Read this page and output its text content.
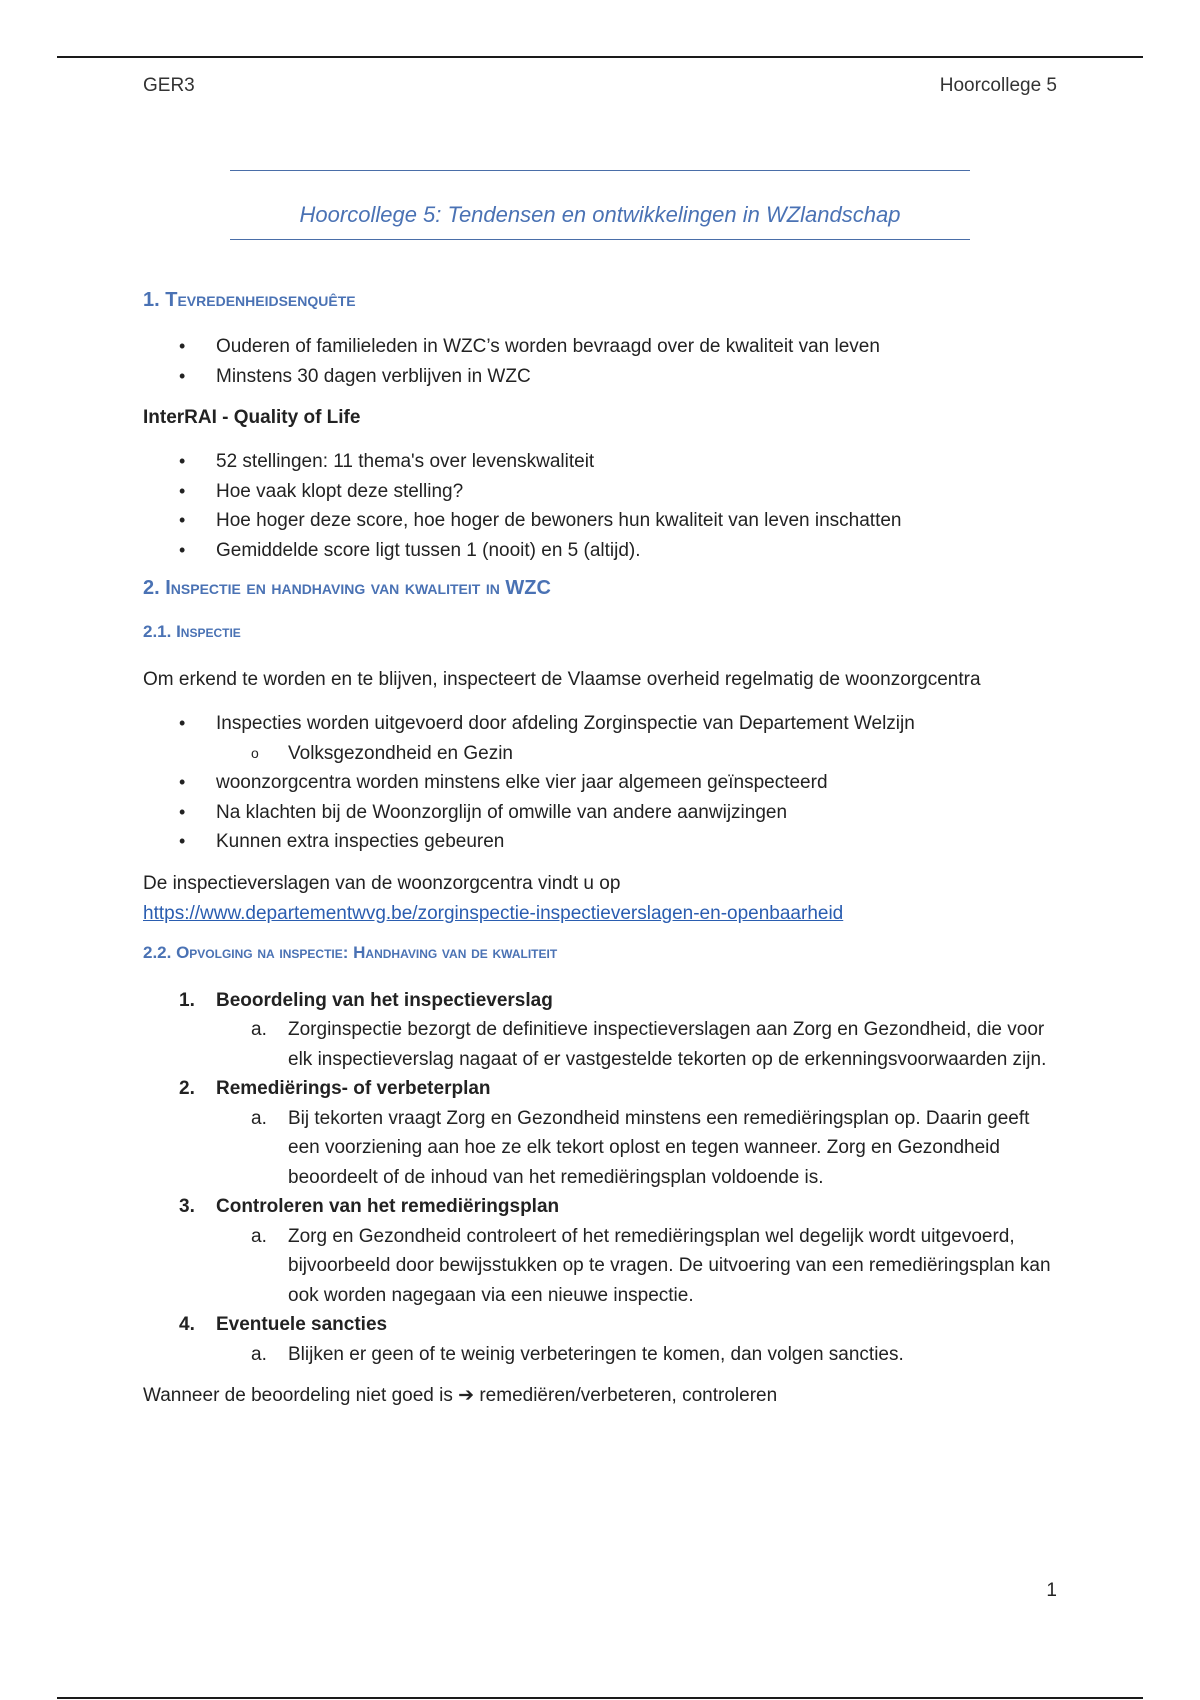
GER3	Hoorcollege 5
Hoorcollege 5: Tendensen en ontwikkelingen in WZlandschap
1. Tevredenheidsenquête
• Ouderen of familieleden in WZC’s worden bevraagd over de kwaliteit van leven
• Minstens 30 dagen verblijven in WZC

InterRAI - Quality of Life

• 52 stellingen: 11 thema's over levenskwaliteit
• Hoe vaak klopt deze stelling?
• Hoe hoger deze score, hoe hoger de bewoners hun kwaliteit van leven inschatten
• Gemiddelde score ligt tussen 1 (nooit) en 5 (altijd).
2. Inspectie en handhaving van kwaliteit in WZC
2.1. Inspectie

Om erkend te worden en te blijven, inspecteert de Vlaamse overheid regelmatig de woonzorgcentra

• Inspecties worden uitgevoerd door afdeling Zorginspectie van Departement Welzijn
o Volksgezondheid en Gezin
• woonzorgcentra worden minstens elke vier jaar algemeen geïnspecteerd
• Na klachten bij de Woonzorglijn of omwille van andere aanwijzingen
• Kunnen extra inspecties gebeuren

De inspectieverslagen van de woonzorgcentra vindt u op
https://www.departementwvg.be/zorginspectie-inspectieverslagen-en-openbaarheid

2.2. Opvolging na inspectie: Handhaving van de kwaliteit
1. Beoordeling van het inspectieverslag
a. Zorginspectie bezorgt de definitieve inspectieverslagen aan Zorg en Gezondheid, die voor elk inspectieverslag nagaat of er vastgestelde tekorten op de erkenningsvoorwaarden zijn.
2. Remediërings- of verbeterplan
a. Bij tekorten vraagt Zorg en Gezondheid minstens een remediëringsplan op. Daarin geeft een voorziening aan hoe ze elk tekort oplost en tegen wanneer. Zorg en Gezondheid beoordeelt of de inhoud van het remediëringsplan voldoende is.
3. Controleren van het remediëringsplan
a. Zorg en Gezondheid controleert of het remediëringsplan wel degelijk wordt uitgevoerd, bijvoorbeeld door bewijsstukken op te vragen. De uitvoering van een remediëringsplan kan ook worden nagegaan via een nieuwe inspectie.
4. Eventuele sancties
a. Blijken er geen of te weinig verbeteringen te komen, dan volgen sancties.

Wanneer de beoordeling niet goed is ➔ remediëren/verbeteren, controleren

1
